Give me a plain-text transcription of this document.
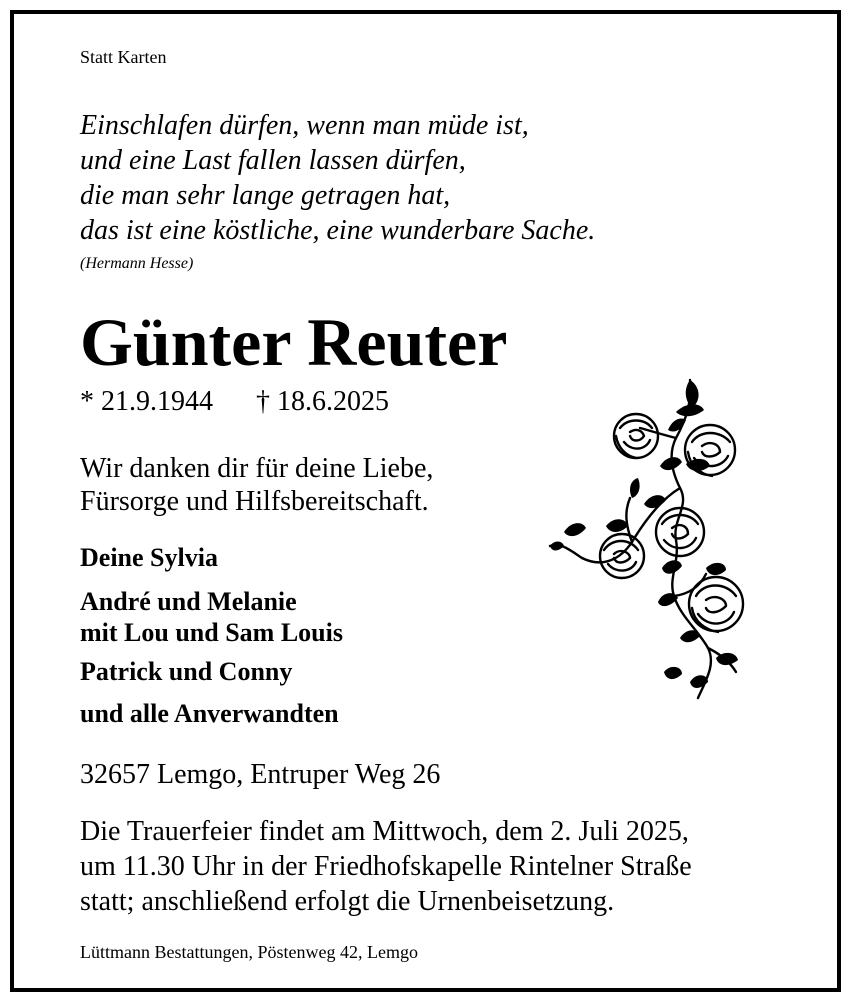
Statt Karten

Einschlafen dürfen, wenn man müde ist,

und eine Last fallen lassen dürfen,

die man sehr lange getragen hat,

das ist eine köstliche, eine wunderbare Sache.

(Hermann Hesse)

Günter Reuter

* 21.9.1944 † 18.6.2025

Wir danken dir für deine Liebe,

Fürsorge und Hilfsbereitschaft.

Deine Sylvia

André und Melanie

mit Lou und Sam Louis

Patrick und Conny

und alle Anverwandten

32657 Lemgo, Entruper Weg 26

Die Trauerfeier findet am Mittwoch, dem 2. Juli 2025,

um 11.30 Uhr in der Friedhofskapelle Rintelner Straße

statt; anschließend erfolgt die Urnenbeisetzung.

Lüttmann Bestattungen, Pöstenweg 42, Lemgo
